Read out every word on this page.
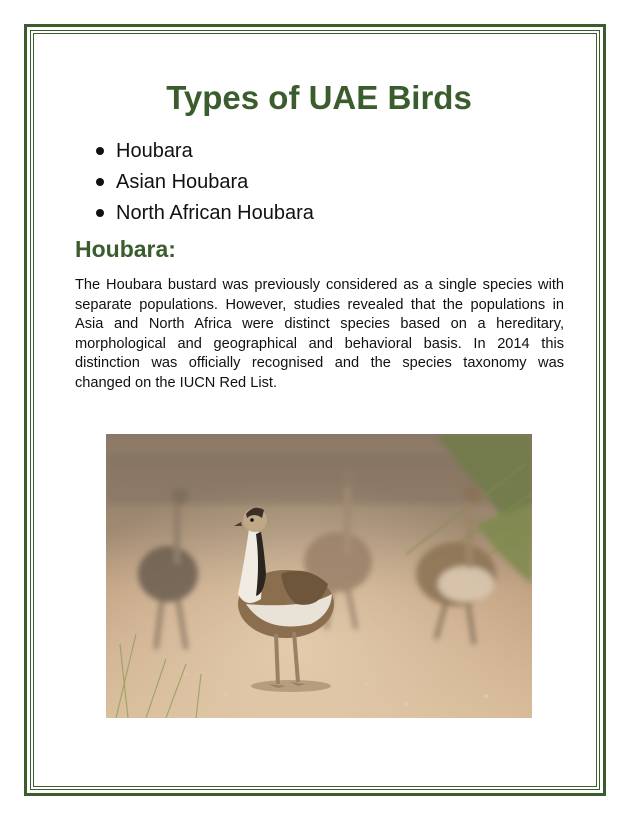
Types of UAE Birds
Houbara
Asian Houbara
North African Houbara
Houbara:

The Houbara bustard was previously considered as a single species with separate populations. However, studies revealed that the populations in Asia and North Africa were distinct species based on a hereditary, morphological and geographical and behavioral basis. In 2014 this distinction was officially recognised and the species taxonomy was changed on the IUCN Red List.
